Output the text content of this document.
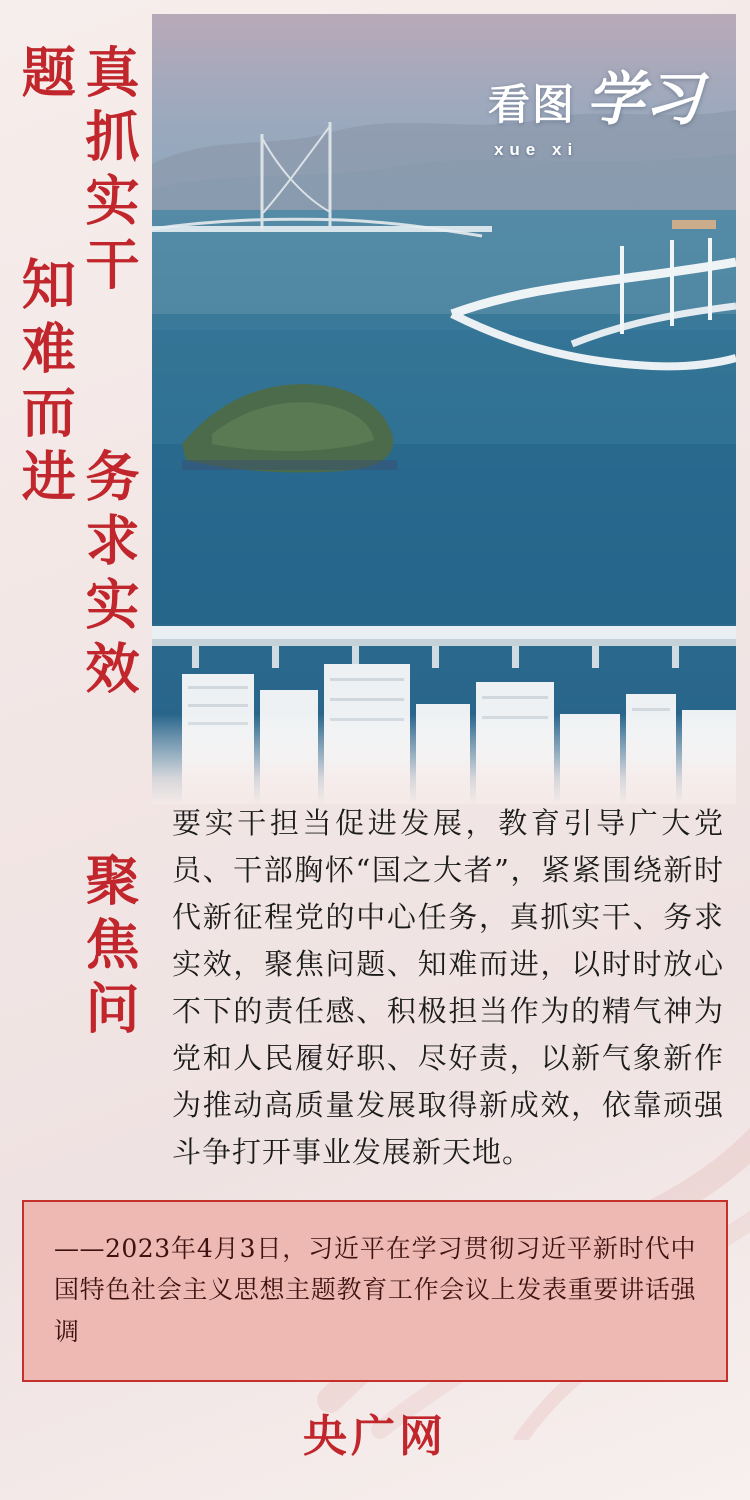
看图 学习
xue xi
真抓实干  务求实效  聚焦问题  知难而进
要实干担当促进发展，教育引导广大党员、干部胸怀“国之大者”，紧紧围绕新时代新征程党的中心任务，真抓实干、务求实效，聚焦问题、知难而进，以时时放心不下的责任感、积极担当作为的精气神为党和人民履好职、尽好责，以新气象新作为推动高质量发展取得新成效，依靠顽强斗争打开事业发展新天地。

——2023年4月3日，习近平在学习贯彻习近平新时代中国特色社会主义思想主题教育工作会议上发表重要讲话强调

央广网
